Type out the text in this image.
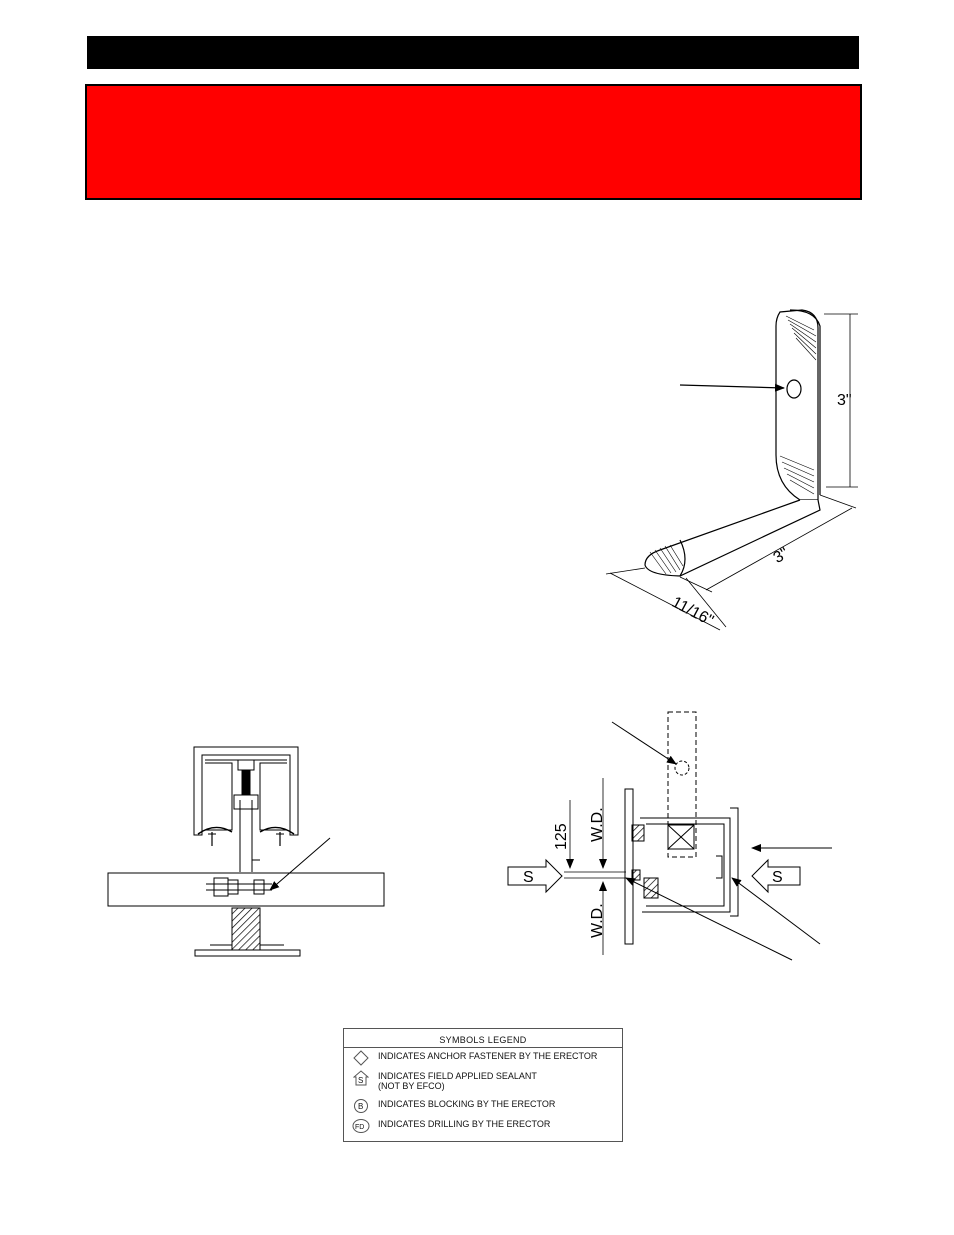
3"
3"
11/16"
125 W.D.
W.D.
S	S
SYMBOLS LEGEND
INDICATES ANCHOR FASTENER BY THE ERECTOR
S INDICATES FIELD APPLIED SEALANT
(NOT BY EFCO)
B INDICATES BLOCKING BY THE ERECTOR
FD INDICATES DRILLING BY THE ERECTOR
